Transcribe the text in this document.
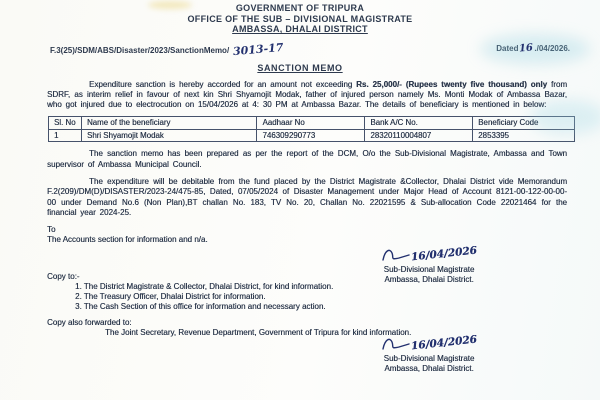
GOVERNMENT OF TRIPURA
OFFICE OF THE SUB – DIVISIONAL MAGISTRATE
AMBASSA, DHALAI DISTRICT
F.3(25)/SDM/ABS/Disaster/2023/SanctionMemo/ 3013-17	Dated16./04/2026.
SANCTION MEMO

Expenditure sanction is hereby accorded for an amount not exceeding Rs. 25,000/- (Rupees twenty five thousand) only from SDRF, as interim relief in favour of next kin Shri Shyamojit Modak, father of injured person namely Ms. Monti Modak of Ambassa Bazar, who got injured due to electrocution on 15/04/2026 at 4: 30 PM at Ambassa Bazar. The details of beneficiary is mentioned in below:

Sl. No	Name of the beneficiary	Aadhaar No	Bank A/C No.	Beneficiary Code
1	Shri Shyamojit Modak	746309290773	28320110004807	2853395

The sanction memo has been prepared as per the report of the DCM, O/o the Sub-Divisional Magistrate, Ambassa and Town supervisor of Ambassa Municipal Council.

The expenditure will be debitable from the fund placed by the District Magistrate &Collector, Dhalai District vide Memorandum F.2(209)/DM(D)/DISASTER/2023-24/475-85, Dated, 07/05/2024 of Disaster Management under Major Head of Account 8121-00-122-00-00-00 under Demand No.6 (Non Plan),BT challan No. 183, TV No. 20, Challan No. 22021595 & Sub-allocation Code 22021464 for the financial year 2024-25.

To
The Accounts section for information and n/a.
16/04/2026
Sub-Divisional Magistrate
Ambassa, Dhalai District.
Copy to:-
1. The District Magistrate & Collector, Dhalai District, for kind information.
2. The Treasury Officer, Dhalai District for information.
3. The Cash Section of this office for information and necessary action.
Copy also forwarded to:
The Joint Secretary, Revenue Department, Government of Tripura for kind information.
16/04/2026
Sub-Divisional Magistrate
Ambassa, Dhalai District.
